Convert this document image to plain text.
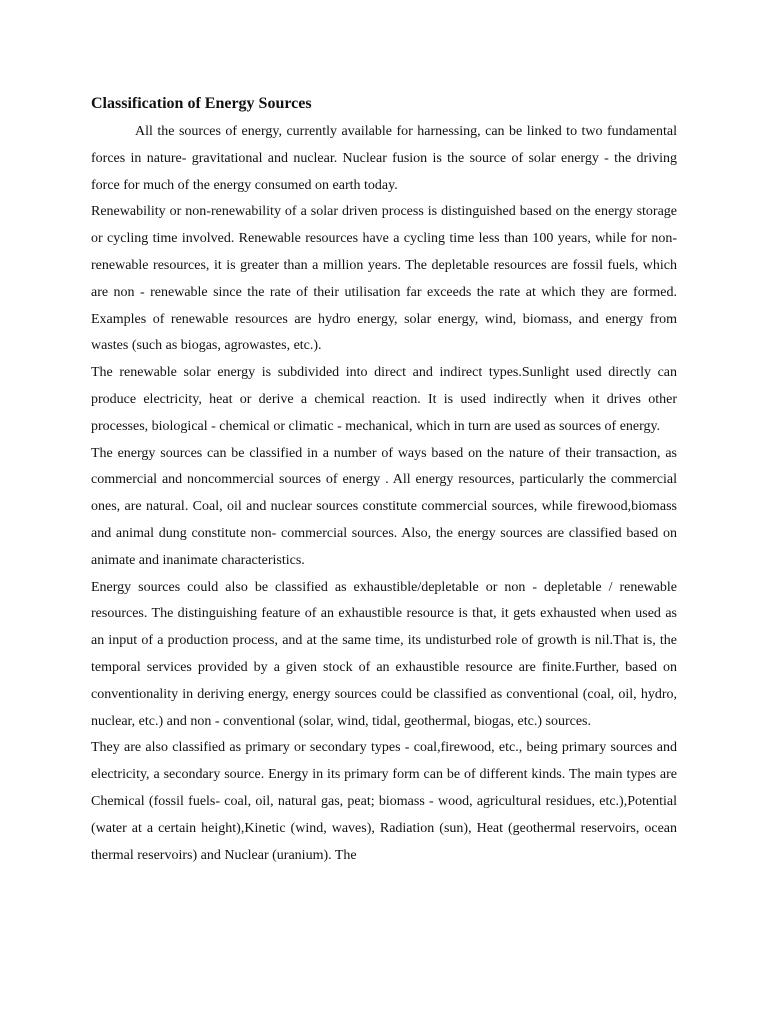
Classification of Energy Sources

All the sources of energy, currently available for harnessing, can be linked to two fundamental forces in nature- gravitational and nuclear. Nuclear fusion is the source of solar energy - the driving force for much of the energy consumed on earth today.

Renewability or non-renewability of a solar driven process is distinguished based on the energy storage or cycling time involved. Renewable resources have a cycling time less than 100 years, while for non-renewable resources, it is greater than a million years. The depletable resources are fossil fuels, which are non - renewable since the rate of their utilisation far exceeds the rate at which they are formed. Examples of renewable resources are hydro energy, solar energy, wind, biomass, and energy from wastes (such as biogas, agrowastes, etc.).

The renewable solar energy is subdivided into direct and indirect types.Sunlight used directly can produce electricity, heat or derive a chemical reaction. It is used indirectly when it drives other processes, biological - chemical or climatic - mechanical, which in turn are used as sources of energy.

The energy sources can be classified in a number of ways based on the nature of their transaction, as commercial and noncommercial sources of energy . All energy resources, particularly the commercial ones, are natural. Coal, oil and nuclear sources constitute commercial sources, while firewood,biomass and animal dung constitute non- commercial sources. Also, the energy sources are classified based on animate and inanimate characteristics.

Energy sources could also be classified as exhaustible/depletable or non - depletable / renewable resources. The distinguishing feature of an exhaustible resource is that, it gets exhausted when used as an input of a production process, and at the same time, its undisturbed role of growth is nil.That is, the temporal services provided by a given stock of an exhaustible resource are finite.Further, based on conventionality in deriving energy, energy sources could be classified as conventional (coal, oil, hydro, nuclear, etc.) and non - conventional (solar, wind, tidal, geothermal, biogas, etc.) sources.

They are also classified as primary or secondary types - coal,firewood, etc., being primary sources and electricity, a secondary source. Energy in its primary form can be of different kinds. The main types are Chemical (fossil fuels- coal, oil, natural gas, peat; biomass - wood, agricultural residues, etc.),Potential (water at a certain height),Kinetic (wind, waves), Radiation (sun), Heat (geothermal reservoirs, ocean thermal reservoirs) and Nuclear (uranium). The
